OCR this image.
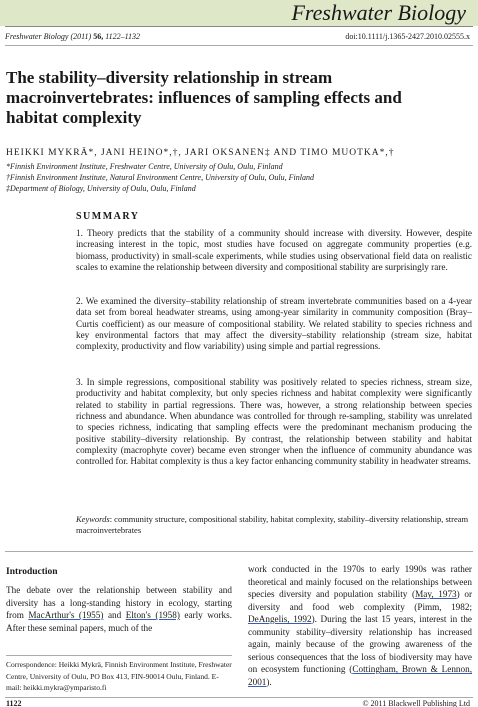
Freshwater Biology
Freshwater Biology (2011) 56, 1122–1132	doi:10.1111/j.1365-2427.2010.02555.x
The stability–diversity relationship in stream
macroinvertebrates: influences of sampling effects and
habitat complexity
HEIKKI MYKRÄ*, JANI HEINO*,†, JARI OKSANEN‡ AND TIMO MUOTKA*,†
*Finnish Environment Institute, Freshwater Centre, University of Oulu, Oulu, Finland
†Finnish Environment Institute, Natural Environment Centre, University of Oulu, Oulu, Finland
‡Department of Biology, University of Oulu, Oulu, Finland
SUMMARY
1. Theory predicts that the stability of a community should increase with diversity. However, despite increasing interest in the topic, most studies have focused on aggregate community properties (e.g. biomass, productivity) in small-scale experiments, while studies using observational field data on realistic scales to examine the relationship between diversity and compositional stability are surprisingly rare.
2. We examined the diversity–stability relationship of stream invertebrate communities based on a 4-year data set from boreal headwater streams, using among-year similarity in community composition (Bray–Curtis coefficient) as our measure of compositional stability. We related stability to species richness and key environmental factors that may affect the diversity–stability relationship (stream size, habitat complexity, productivity and flow variability) using simple and partial regressions.
3. In simple regressions, compositional stability was positively related to species richness, stream size, productivity and habitat complexity, but only species richness and habitat complexity were significantly related to stability in partial regressions. There was, however, a strong relationship between species richness and abundance. When abundance was controlled for through re-sampling, stability was unrelated to species richness, indicating that sampling effects were the predominant mechanism producing the positive stability–diversity relationship. By contrast, the relationship between stability and habitat complexity (macrophyte cover) became even stronger when the influence of community abundance was controlled for. Habitat complexity is thus a key factor enhancing community stability in headwater streams.
Keywords: community structure, compositional stability, habitat complexity, stability–diversity relationship, stream macroinvertebrates
Introduction
The debate over the relationship between stability and diversity has a long-standing history in ecology, starting from MacArthur's (1955) and Elton's (1958) early works. After these seminal papers, much of the
work conducted in the 1970s to early 1990s was rather theoretical and mainly focused on the relationships between species diversity and population stability (May, 1973) or diversity and food web complexity (Pimm, 1982; DeAngelis, 1992). During the last 15 years, interest in the community stability–diversity relationship has increased again, mainly because of the growing awareness of the serious consequences that the loss of biodiversity may have on ecosystem functioning (Cottingham, Brown & Lennon, 2001).
Correspondence: Heikki Mykrä, Finnish Environment Institute, Freshwater Centre, University of Oulu, PO Box 413, FIN-90014 Oulu, Finland. E-mail: heikki.mykra@ymparisto.fi
1122	© 2011 Blackwell Publishing Ltd
